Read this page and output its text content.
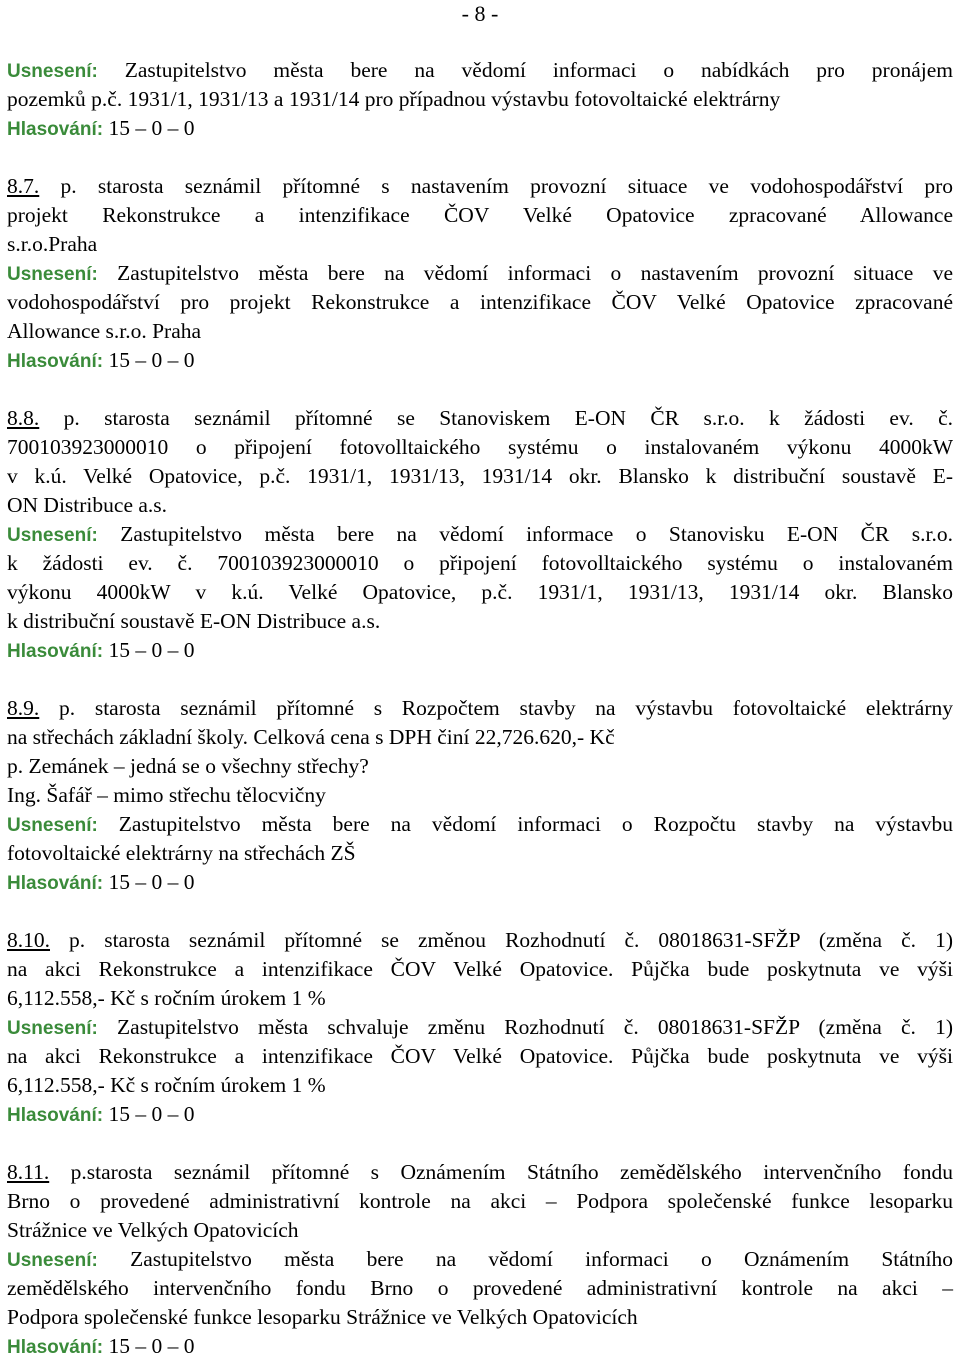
- 8 -
Usnesení: Zastupitelstvo města bere na vědomí informaci o nabídkách pro pronájem
pozemků p.č. 1931/1, 1931/13 a 1931/14 pro případnou výstavbu fotovoltaické elektrárny
Hlasování: 15 – 0 – 0
8.7. p. starosta seznámil přítomné s nastavením provozní situace ve vodohospodářství pro
projekt Rekonstrukce a intenzifikace ČOV Velké Opatovice zpracované Allowance
s.r.o.Praha
Usnesení: Zastupitelstvo města bere na vědomí informaci o nastavením provozní situace ve
vodohospodářství pro projekt Rekonstrukce a intenzifikace ČOV Velké Opatovice zpracované
Allowance s.r.o. Praha
Hlasování: 15 – 0 – 0
8.8. p. starosta seznámil přítomné se Stanoviskem E-ON ČR s.r.o. k žádosti ev. č.
700103923000010 o připojení fotovolltaického systému o instalovaném výkonu 4000kW
v k.ú. Velké Opatovice, p.č. 1931/1, 1931/13, 1931/14 okr. Blansko k distribuční soustavě E-
ON Distribuce a.s.
Usnesení: Zastupitelstvo města bere na vědomí informace o Stanovisku E-ON ČR s.r.o.
k žádosti ev. č. 700103923000010 o připojení fotovolltaického systému o instalovaném
výkonu 4000kW v k.ú. Velké Opatovice, p.č. 1931/1, 1931/13, 1931/14 okr. Blansko
k distribuční soustavě E-ON Distribuce a.s.
Hlasování: 15 – 0 – 0
8.9. p. starosta seznámil přítomné s Rozpočtem stavby na výstavbu fotovoltaické elektrárny
na střechách základní školy. Celková cena s DPH činí 22,726.620,- Kč
p. Zemánek – jedná se o všechny střechy?
Ing. Šafář – mimo střechu tělocvičny
Usnesení: Zastupitelstvo města bere na vědomí informaci o Rozpočtu stavby na výstavbu
fotovoltaické elektrárny na střechách ZŠ
Hlasování: 15 – 0 – 0
8.10. p. starosta seznámil přítomné se změnou Rozhodnutí č. 08018631-SFŽP (změna č. 1)
na akci Rekonstrukce a intenzifikace ČOV Velké Opatovice. Půjčka bude poskytnuta ve výši
6,112.558,- Kč s ročním úrokem 1 %
Usnesení: Zastupitelstvo města schvaluje změnu Rozhodnutí č. 08018631-SFŽP (změna č. 1)
na akci Rekonstrukce a intenzifikace ČOV Velké Opatovice. Půjčka bude poskytnuta ve výši
6,112.558,- Kč s ročním úrokem 1 %
Hlasování: 15 – 0 – 0
8.11. p.starosta seznámil přítomné s Oznámením Státního zemědělského intervenčního fondu
Brno o provedené administrativní kontrole na akci – Podpora společenské funkce lesoparku
Strážnice ve Velkých Opatovicích
Usnesení: Zastupitelstvo města bere na vědomí informaci o Oznámením Státního
zemědělského intervenčního fondu Brno o provedené administrativní kontrole na akci –
Podpora společenské funkce lesoparku Strážnice ve Velkých Opatovicích
Hlasování: 15 – 0 – 0
